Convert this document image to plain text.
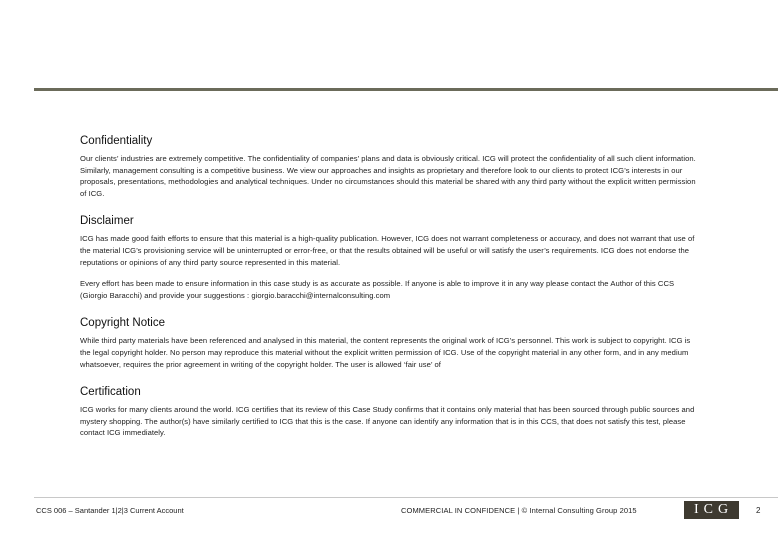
Confidentiality

Our clients’ industries are extremely competitive. The confidentiality of companies’ plans and data is obviously critical. ICG will protect the confidentiality of all such client information. Similarly, management consulting is a competitive business. We view our approaches and insights as proprietary and therefore look to our clients to protect ICG’s interests in our proposals, presentations, methodologies and analytical techniques. Under no circumstances should this material be shared with any third party without the explicit written permission of ICG.

Disclaimer

ICG has made good faith efforts to ensure that this material is a high-quality publication. However, ICG does not warrant completeness or accuracy, and does not warrant that use of the material ICG’s provisioning service will be uninterrupted or error-free, or that the results obtained will be useful or will satisfy the user’s requirements. ICG does not endorse the reputations or opinions of any third party source represented in this material.

Every effort has been made to ensure information in this case study is as accurate as possible. If anyone is able to improve it in any way please contact the Author of this CCS (Giorgio Baracchi) and provide your suggestions : giorgio.baracchi@internalconsulting.com

Copyright Notice

While third party materials have been referenced and analysed in this material, the content represents the original work of ICG’s personnel. This work is subject to copyright. ICG is the legal copyright holder. No person may reproduce this material without the explicit written permission of ICG. Use of the copyright material in any other form, and in any medium whatsoever, requires the prior agreement in writing of the copyright holder. The user is allowed ‘fair use’ of

Certification

ICG works for many clients around the world. ICG certifies that its review of this Case Study confirms that it contains only material that has been sourced through public sources and mystery shopping. The author(s) have similarly certified to ICG that this is the case. If anyone can identify any information that is in this CCS, that does not satisfy this test, please contact ICG immediately.

CCS 006 – Santander 1|2|3 Current Account	COMMERCIAL IN CONFIDENCE | © Internal Consulting Group 2015	ICG	2
